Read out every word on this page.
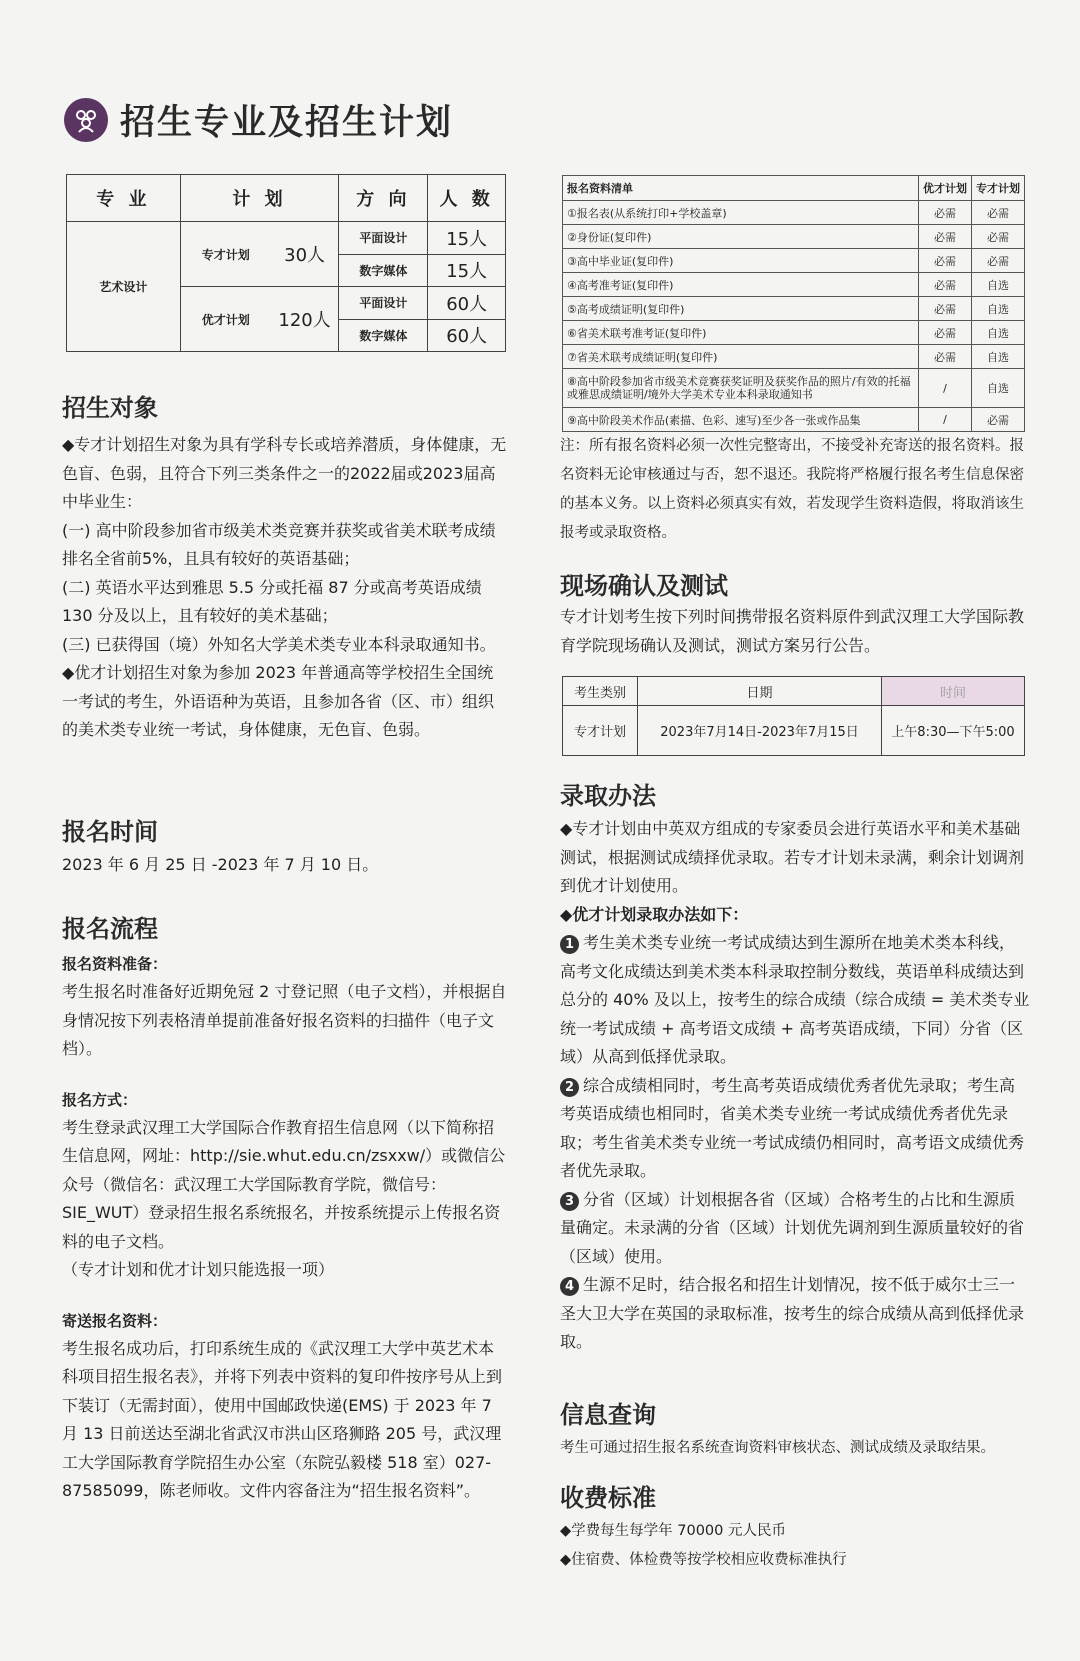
招生专业及招生计划
专 业	计 划		方 向	人 数
艺术设计	专才计划	30人	平面设计	15人
			数字媒体	15人
	优才计划	120人	平面设计	60人
			数字媒体	60人
报名资料清单	优才计划	专才计划
①报名表(从系统打印+学校盖章)	必需	必需
②身份证(复印件)	必需	必需
③高中毕业证(复印件)	必需	必需
④高考准考证(复印件)	必需	自选
⑤高考成绩证明(复印件)	必需	自选
⑥省美术联考准考证(复印件)	必需	自选
⑦省美术联考成绩证明(复印件)	必需	自选
⑧高中阶段参加省市级美术竞赛获奖证明及获奖作品的照片/有效的托福或雅思成绩证明/境外大学美术专业本科录取通知书	/	自选
⑨高中阶段美术作品(素描、色彩、速写)至少各一张或作品集	/	必需

注：所有报名资料必须一次性完整寄出，不接受补充寄送的报名资料。报名资料无论审核通过与否，恕不退还。我院将严格履行报名考生信息保密的基本义务。以上资料必须真实有效，若发现学生资料造假，将取消该生报考或录取资格。

招生对象

◆专才计划招生对象为具有学科专长或培养潜质，身体健康，无色盲、色弱，且符合下列三类条件之一的2022届或2023届高中毕业生：

(一) 高中阶段参加省市级美术类竞赛并获奖或省美术联考成绩排名全省前5%，且具有较好的英语基础；

(二) 英语水平达到雅思 5.5 分或托福 87 分或高考英语成绩 130 分及以上，且有较好的美术基础；

(三) 已获得国（境）外知名大学美术类专业本科录取通知书。

◆优才计划招生对象为参加 2023 年普通高等学校招生全国统一考试的考生，外语语种为英语，且参加各省（区、市）组织的美术类专业统一考试，身体健康，无色盲、色弱。

报名时间

2023 年 6 月 25 日 -2023 年 7 月 10 日。

报名流程

报名资料准备：

考生报名时准备好近期免冠 2 寸登记照（电子文档），并根据自身情况按下列表格清单提前准备好报名资料的扫描件（电子文档）。

报名方式：

考生登录武汉理工大学国际合作教育招生信息网（以下简称招生信息网，网址：http://sie.whut.edu.cn/zsxxw/）或微信公众号（微信名：武汉理工大学国际教育学院，微信号：SIE_WUT）登录招生报名系统报名，并按系统提示上传报名资料的电子文档。

（专才计划和优才计划只能选报一项）

寄送报名资料：

考生报名成功后，打印系统生成的《武汉理工大学中英艺术本科项目招生报名表》，并将下列表中资料的复印件按序号从上到下装订（无需封面），使用中国邮政快递(EMS) 于 2023 年 7 月 13 日前送达至湖北省武汉市洪山区珞狮路 205 号，武汉理工大学国际教育学院招生办公室（东院弘毅楼 518 室）027-87585099，陈老师收。文件内容备注为“招生报名资料”。

现场确认及测试

专才计划考生按下列时间携带报名资料原件到武汉理工大学国际教育学院现场确认及测试，测试方案另行公告。

考生类别	日期	时间
专才计划	2023年7月14日-2023年7月15日	上午8:30—下午5:00
录取办法

◆专才计划由中英双方组成的专家委员会进行英语水平和美术基础测试，根据测试成绩择优录取。若专才计划未录满，剩余计划调剂到优才计划使用。

◆优才计划录取办法如下：

1 考生美术类专业统一考试成绩达到生源所在地美术类本科线，高考文化成绩达到美术类本科录取控制分数线，英语单科成绩达到总分的 40% 及以上，按考生的综合成绩（综合成绩 = 美术类专业统一考试成绩 + 高考语文成绩 + 高考英语成绩，下同）分省（区域）从高到低择优录取。

2 综合成绩相同时，考生高考英语成绩优秀者优先录取；考生高考英语成绩也相同时，省美术类专业统一考试成绩优秀者优先录取；考生省美术类专业统一考试成绩仍相同时，高考语文成绩优秀者优先录取。

3 分省（区域）计划根据各省（区域）合格考生的占比和生源质量确定。未录满的分省（区域）计划优先调剂到生源质量较好的省（区域）使用。

4 生源不足时，结合报名和招生计划情况，按不低于威尔士三一圣大卫大学在英国的录取标准，按考生的综合成绩从高到低择优录取。

信息查询

考生可通过招生报名系统查询资料审核状态、测试成绩及录取结果。

收费标准

◆学费每生每学年 70000 元人民币

◆住宿费、体检费等按学校相应收费标准执行
